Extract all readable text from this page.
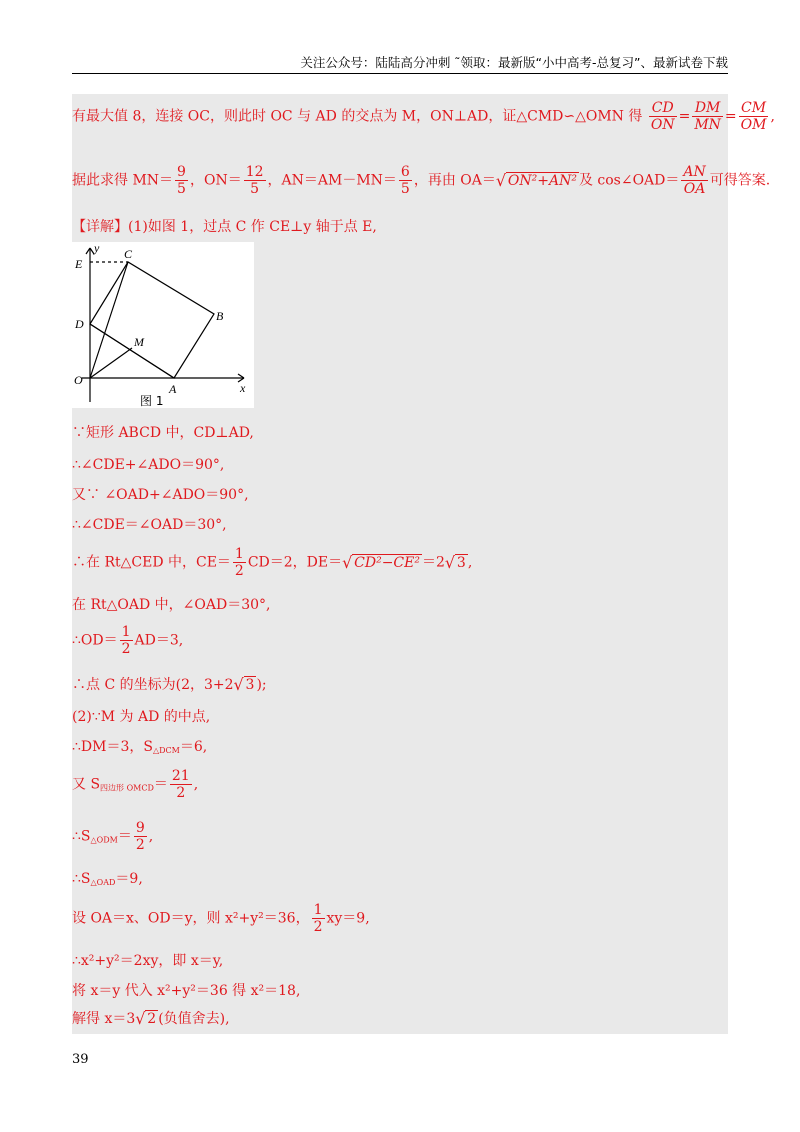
关注公众号：陆陆高分冲刺 ˜领取：最新版“小中高考-总复习”、最新试卷下载
有最大值 8，连接 OC，则此时 OC 与 AD 的交点为 M，ON⊥AD，证△CMD∽△OMN 得 $\frac{CD}{ON} = \frac{DM}{MN} = \frac{CM}{OM}$ ,
据此求得 $MN= \frac{9}{5}$ ，$ON= \frac{12}{5}$ ，$AN=AM-MN= \frac{6}{5}$ ，再由 OA＝ √ ON²+AN² 及 cos∠OAD＝ $\frac{AN}{OA}$ 可得答案.
【详解】(1)如图 1，过点 C 作 CE⊥y 轴于点 E,
E
y C
D
B
M
O
A	x
图 1
∵矩形 ABCD 中，CD⊥AD,
∴∠CDE+∠ADO＝90°,
又∵ ∠OAD+∠ADO＝90°,
∴∠CDE＝∠OAD＝30°,
∴在 Rt△CED 中，$CE= \frac{1}{2} CD=2$，DE＝ √ CD²−CE² ＝2 √ 3 ,
在 Rt△OAD 中，∠OAD＝30°,
∴OD＝ $\frac{1}{2} AD=3$,
∴点 C 的坐标为(2，3+2 √ 3 );
(2)∵M 为 AD 的中点,
∴DM＝3，$S_{\triangle DCM}=6$,
又 $S_{四边形 OMCD}= \frac{21}{2}$ ,
$\therefore S_{\triangle ODM}= \frac{9}{2}$ ,
$\therefore S_{\triangle OAD}=9$,
设 OA＝x、OD＝y，则 x²+y²＝36， $\frac{1}{2} xy=9$,
∴x²+y²＝2xy，即 x＝y,
将 x＝y 代入 x²+y²＝36 得 x²＝18,
解得 x＝3 √ 2 (负值舍去),
39
